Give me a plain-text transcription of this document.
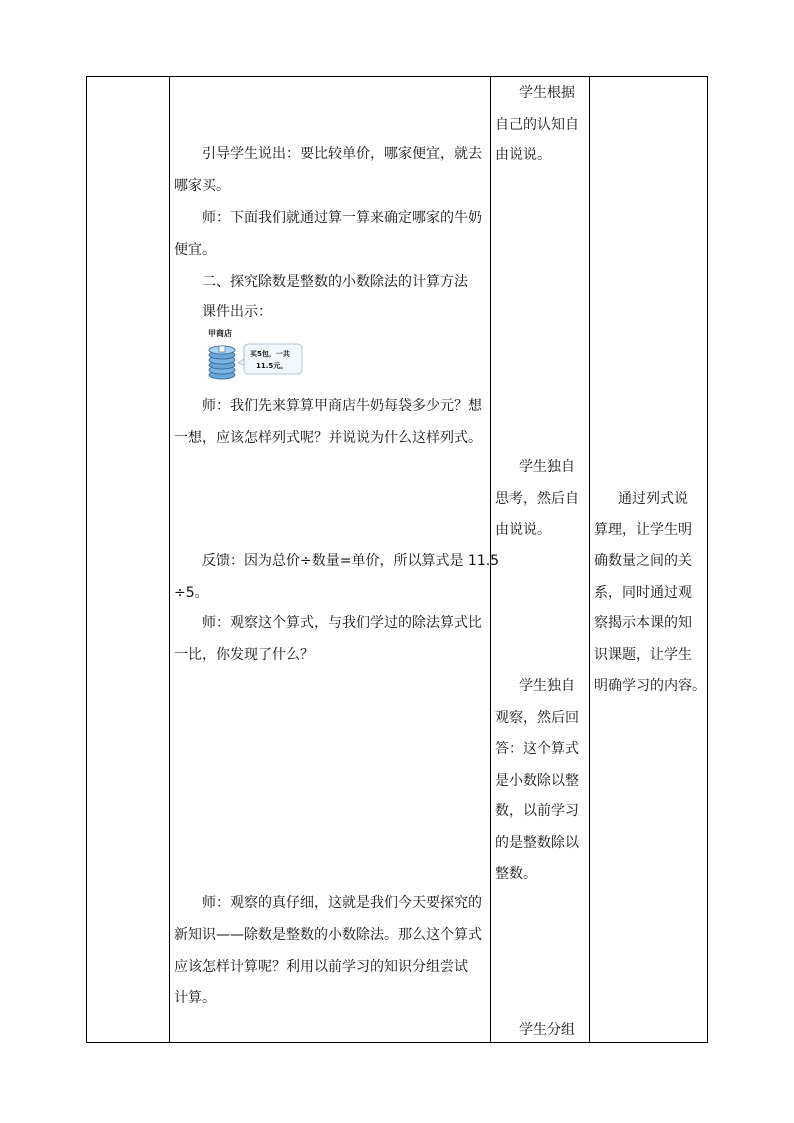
引导学生说出：要比较单价，哪家便宜，就去
哪家买。
师：下面我们就通过算一算来确定哪家的牛奶
便宜。
二、探究除数是整数的小数除法的计算方法
课件出示：
甲商店
买5包，一共
11.5元。
师：我们先来算算甲商店牛奶每袋多少元？想
一想，应该怎样列式呢？并说说为什么这样列式。
反馈：因为总价÷数量=单价，所以算式是 11.5
÷5。
师：观察这个算式，与我们学过的除法算式比
一比，你发现了什么？
师：观察的真仔细，这就是我们今天要探究的
新知识——除数是整数的小数除法。那么这个算式
应该怎样计算呢？利用以前学习的知识分组尝试
计算。
学生根据
自己的认知自
由说说。
学生独自
思考，然后自
由说说。
学生独自
观察，然后回
答：这个算式
是小数除以整
数，以前学习
的是整数除以
整数。
学生分组
通过列式说
算理，让学生明
确数量之间的关
系，同时通过观
察揭示本课的知
识课题，让学生
明确学习的内容。
